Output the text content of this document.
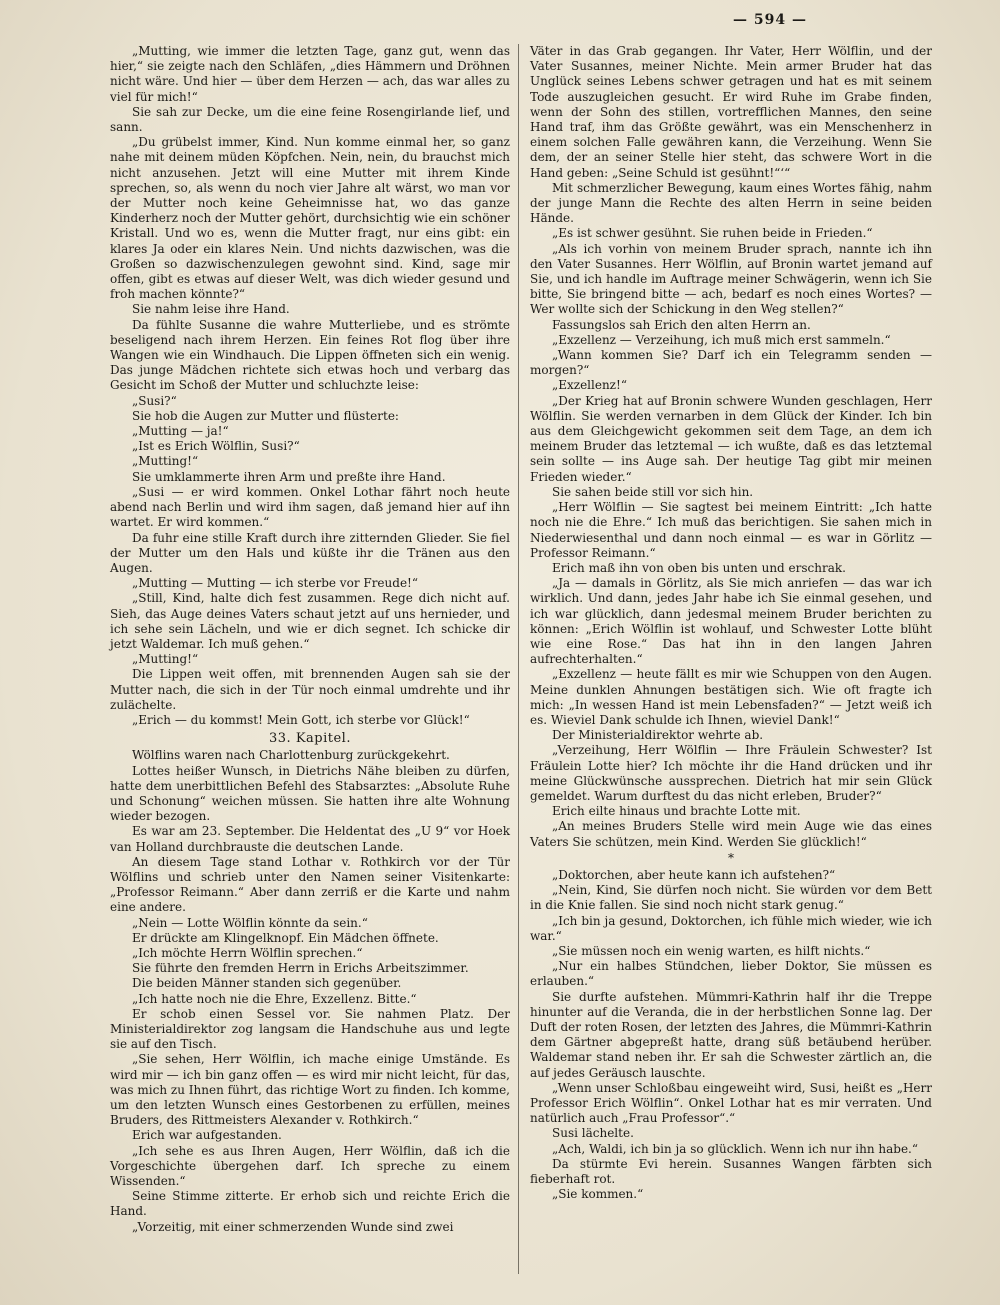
— 594 —

„Mutting, wie immer die letzten Tage, ganz gut, wenn das hier,“ sie zeigte nach den Schläfen, „dies Hämmern und Dröhnen nicht wäre. Und hier — über dem Herzen — ach, das war alles zu viel für mich!“

Sie sah zur Decke, um die eine feine Rosengirlande lief, und sann.

„Du grübelst immer, Kind. Nun komme einmal her, so ganz nahe mit deinem müden Köpfchen. Nein, nein, du brauchst mich nicht anzusehen. Jetzt will eine Mutter mit ihrem Kinde sprechen, so, als wenn du noch vier Jahre alt wärst, wo man vor der Mutter noch keine Geheimnisse hat, wo das ganze Kinderherz noch der Mutter gehört, durchsichtig wie ein schöner Kristall. Und wo es, wenn die Mutter fragt, nur eins gibt: ein klares Ja oder ein klares Nein. Und nichts dazwischen, was die Großen so dazwischenzulegen gewohnt sind. Kind, sage mir offen, gibt es etwas auf dieser Welt, was dich wieder gesund und froh machen könnte?“

Sie nahm leise ihre Hand.

Da fühlte Susanne die wahre Mutterliebe, und es strömte beseligend nach ihrem Herzen. Ein feines Rot flog über ihre Wangen wie ein Windhauch. Die Lippen öffneten sich ein wenig. Das junge Mädchen richtete sich etwas hoch und verbarg das Gesicht im Schoß der Mutter und schluchzte leise:

„Susi?“

Sie hob die Augen zur Mutter und flüsterte:

„Mutting — ja!“

„Ist es Erich Wölflin, Susi?“

„Mutting!“

Sie umklammerte ihren Arm und preßte ihre Hand.

„Susi — er wird kommen. Onkel Lothar fährt noch heute abend nach Berlin und wird ihm sagen, daß jemand hier auf ihn wartet. Er wird kommen.“

Da fuhr eine stille Kraft durch ihre zitternden Glieder. Sie fiel der Mutter um den Hals und küßte ihr die Tränen aus den Augen.

„Mutting — Mutting — ich sterbe vor Freude!“

„Still, Kind, halte dich fest zusammen. Rege dich nicht auf. Sieh, das Auge deines Vaters schaut jetzt auf uns hernieder, und ich sehe sein Lächeln, und wie er dich segnet. Ich schicke dir jetzt Waldemar. Ich muß gehen.“

„Mutting!“

Die Lippen weit offen, mit brennenden Augen sah sie der Mutter nach, die sich in der Tür noch einmal umdrehte und ihr zulächelte.

„Erich — du kommst! Mein Gott, ich sterbe vor Glück!“

33. Kapitel.

Wölflins waren nach Charlottenburg zurückgekehrt.

Lottes heißer Wunsch, in Dietrichs Nähe bleiben zu dürfen, hatte dem unerbittlichen Befehl des Stabsarztes: „Absolute Ruhe und Schonung“ weichen müssen. Sie hatten ihre alte Wohnung wieder bezogen.

Es war am 23. September. Die Heldentat des „U 9“ vor Hoek van Holland durchbrauste die deutschen Lande.

An diesem Tage stand Lothar v. Rothkirch vor der Tür Wölflins und schrieb unter den Namen seiner Visitenkarte: „Professor Reimann.“ Aber dann zerriß er die Karte und nahm eine andere.

„Nein — Lotte Wölflin könnte da sein.“

Er drückte am Klingelknopf. Ein Mädchen öffnete.

„Ich möchte Herrn Wölflin sprechen.“

Sie führte den fremden Herrn in Erichs Arbeitszimmer.

Die beiden Männer standen sich gegenüber.

„Ich hatte noch nie die Ehre, Exzellenz. Bitte.“

Er schob einen Sessel vor. Sie nahmen Platz. Der Ministerialdirektor zog langsam die Handschuhe aus und legte sie auf den Tisch.

„Sie sehen, Herr Wölflin, ich mache einige Umstände. Es wird mir — ich bin ganz offen — es wird mir nicht leicht, für das, was mich zu Ihnen führt, das richtige Wort zu finden. Ich komme, um den letzten Wunsch eines Gestorbenen zu erfüllen, meines Bruders, des Rittmeisters Alexander v. Rothkirch.“

Erich war aufgestanden.

„Ich sehe es aus Ihren Augen, Herr Wölflin, daß ich die Vorgeschichte übergehen darf. Ich spreche zu einem Wissenden.“

Seine Stimme zitterte. Er erhob sich und reichte Erich die Hand.

„Vorzeitig, mit einer schmerzenden Wunde sind zwei

Väter in das Grab gegangen. Ihr Vater, Herr Wölflin, und der Vater Susannes, meiner Nichte. Mein armer Bruder hat das Unglück seines Lebens schwer getragen und hat es mit seinem Tode auszugleichen gesucht. Er wird Ruhe im Grabe finden, wenn der Sohn des stillen, vortrefflichen Mannes, den seine Hand traf, ihm das Größte gewährt, was ein Menschenherz in einem solchen Falle gewähren kann, die Verzeihung. Wenn Sie dem, der an seiner Stelle hier steht, das schwere Wort in die Hand geben: „Seine Schuld ist gesühnt!“‘“

Mit schmerzlicher Bewegung, kaum eines Wortes fähig, nahm der junge Mann die Rechte des alten Herrn in seine beiden Hände.

„Es ist schwer gesühnt. Sie ruhen beide in Frieden.“

„Als ich vorhin von meinem Bruder sprach, nannte ich ihn den Vater Susannes. Herr Wölflin, auf Bronin wartet jemand auf Sie, und ich handle im Auftrage meiner Schwägerin, wenn ich Sie bitte, Sie bringend bitte — ach, bedarf es noch eines Wortes? — Wer wollte sich der Schickung in den Weg stellen?“

Fassungslos sah Erich den alten Herrn an.

„Exzellenz — Verzeihung, ich muß mich erst sammeln.“

„Wann kommen Sie? Darf ich ein Telegramm senden — morgen?“

„Exzellenz!“

„Der Krieg hat auf Bronin schwere Wunden geschlagen, Herr Wölflin. Sie werden vernarben in dem Glück der Kinder. Ich bin aus dem Gleichgewicht gekommen seit dem Tage, an dem ich meinem Bruder das letztemal — ich wußte, daß es das letztemal sein sollte — ins Auge sah. Der heutige Tag gibt mir meinen Frieden wieder.“

Sie sahen beide still vor sich hin.

„Herr Wölflin — Sie sagtest bei meinem Eintritt: „Ich hatte noch nie die Ehre.“ Ich muß das berichtigen. Sie sahen mich in Niederwiesenthal und dann noch einmal — es war in Görlitz — Professor Reimann.“

Erich maß ihn von oben bis unten und erschrak.

„Ja — damals in Görlitz, als Sie mich anriefen — das war ich wirklich. Und dann, jedes Jahr habe ich Sie einmal gesehen, und ich war glücklich, dann jedesmal meinem Bruder berichten zu können: „Erich Wölflin ist wohlauf, und Schwester Lotte blüht wie eine Rose.“ Das hat ihn in den langen Jahren aufrechterhalten.“

„Exzellenz — heute fällt es mir wie Schuppen von den Augen. Meine dunklen Ahnungen bestätigen sich. Wie oft fragte ich mich: „In wessen Hand ist mein Lebensfaden?“ — Jetzt weiß ich es. Wieviel Dank schulde ich Ihnen, wieviel Dank!“

Der Ministerialdirektor wehrte ab.

„Verzeihung, Herr Wölflin — Ihre Fräulein Schwester? Ist Fräulein Lotte hier? Ich möchte ihr die Hand drücken und ihr meine Glückwünsche aussprechen. Dietrich hat mir sein Glück gemeldet. Warum durftest du das nicht erleben, Bruder?“

Erich eilte hinaus und brachte Lotte mit.

„An meines Bruders Stelle wird mein Auge wie das eines Vaters Sie schützen, mein Kind. Werden Sie glücklich!“

*

„Doktorchen, aber heute kann ich aufstehen?“

„Nein, Kind, Sie dürfen noch nicht. Sie würden vor dem Bett in die Knie fallen. Sie sind noch nicht stark genug.“

„Ich bin ja gesund, Doktorchen, ich fühle mich wieder, wie ich war.“

„Sie müssen noch ein wenig warten, es hilft nichts.“

„Nur ein halbes Stündchen, lieber Doktor, Sie müssen es erlauben.“

Sie durfte aufstehen. Mümmri-Kathrin half ihr die Treppe hinunter auf die Veranda, die in der herbstlichen Sonne lag. Der Duft der roten Rosen, der letzten des Jahres, die Mümmri-Kathrin dem Gärtner abgepreßt hatte, drang süß betäubend herüber. Waldemar stand neben ihr. Er sah die Schwester zärtlich an, die auf jedes Geräusch lauschte.

„Wenn unser Schloßbau eingeweiht wird, Susi, heißt es „Herr Professor Erich Wölflin“. Onkel Lothar hat es mir verraten. Und natürlich auch „Frau Professor“.“

Susi lächelte.

„Ach, Waldi, ich bin ja so glücklich. Wenn ich nur ihn habe.“

Da stürmte Evi herein. Susannes Wangen färbten sich fieberhaft rot.

„Sie kommen.“
